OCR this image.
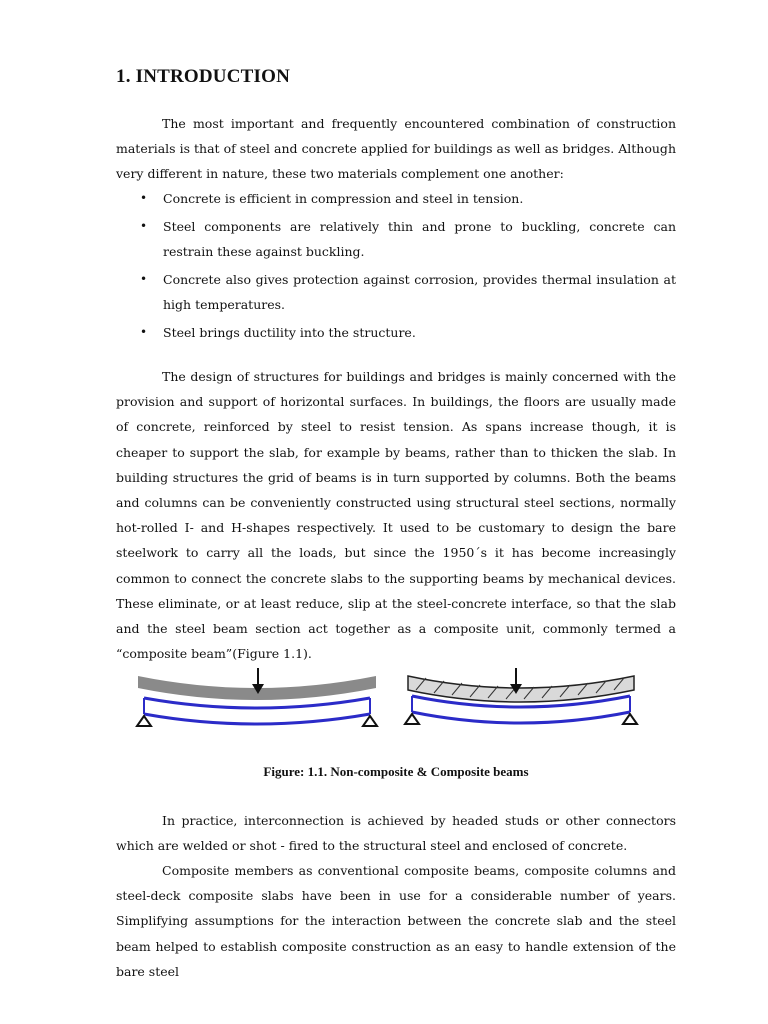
1. INTRODUCTION

The most important and frequently encountered combination of construction materials is that of steel and concrete applied for buildings as well as bridges. Although very different in nature, these two materials complement one another:

• Concrete is efficient in compression and steel in tension.
• Steel components are relatively thin and prone to buckling, concrete can restrain these against buckling.
• Concrete also gives protection against corrosion, provides thermal insulation at high temperatures.
• Steel brings ductility into the structure.

The design of structures for buildings and bridges is mainly concerned with the provision and support of horizontal surfaces. In buildings, the floors are usually made of concrete, reinforced by steel to resist tension. As spans increase though, it is cheaper to support the slab, for example by beams, rather than to thicken the slab. In building structures the grid of beams is in turn supported by columns. Both the beams and columns can be conveniently constructed using structural steel sections, normally hot-rolled I- and H-shapes respectively. It used to be customary to design the bare steelwork to carry all the loads, but since the 1950´s it has become increasingly common to connect the concrete slabs to the supporting beams by mechanical devices. These eliminate, or at least reduce, slip at the steel-concrete interface, so that the slab and the steel beam section act together as a composite unit, commonly termed a “composite beam”(Figure 1.1).

Figure: 1.1. Non-composite & Composite beams

In practice, interconnection is achieved by headed studs or other connectors which are welded or shot - fired to the structural steel and enclosed of concrete.

Composite members as conventional composite beams, composite columns and steel-deck composite slabs have been in use for a considerable number of years. Simplifying assumptions for the interaction between the concrete slab and the steel beam helped to establish composite construction as an easy to handle extension of the bare steel
